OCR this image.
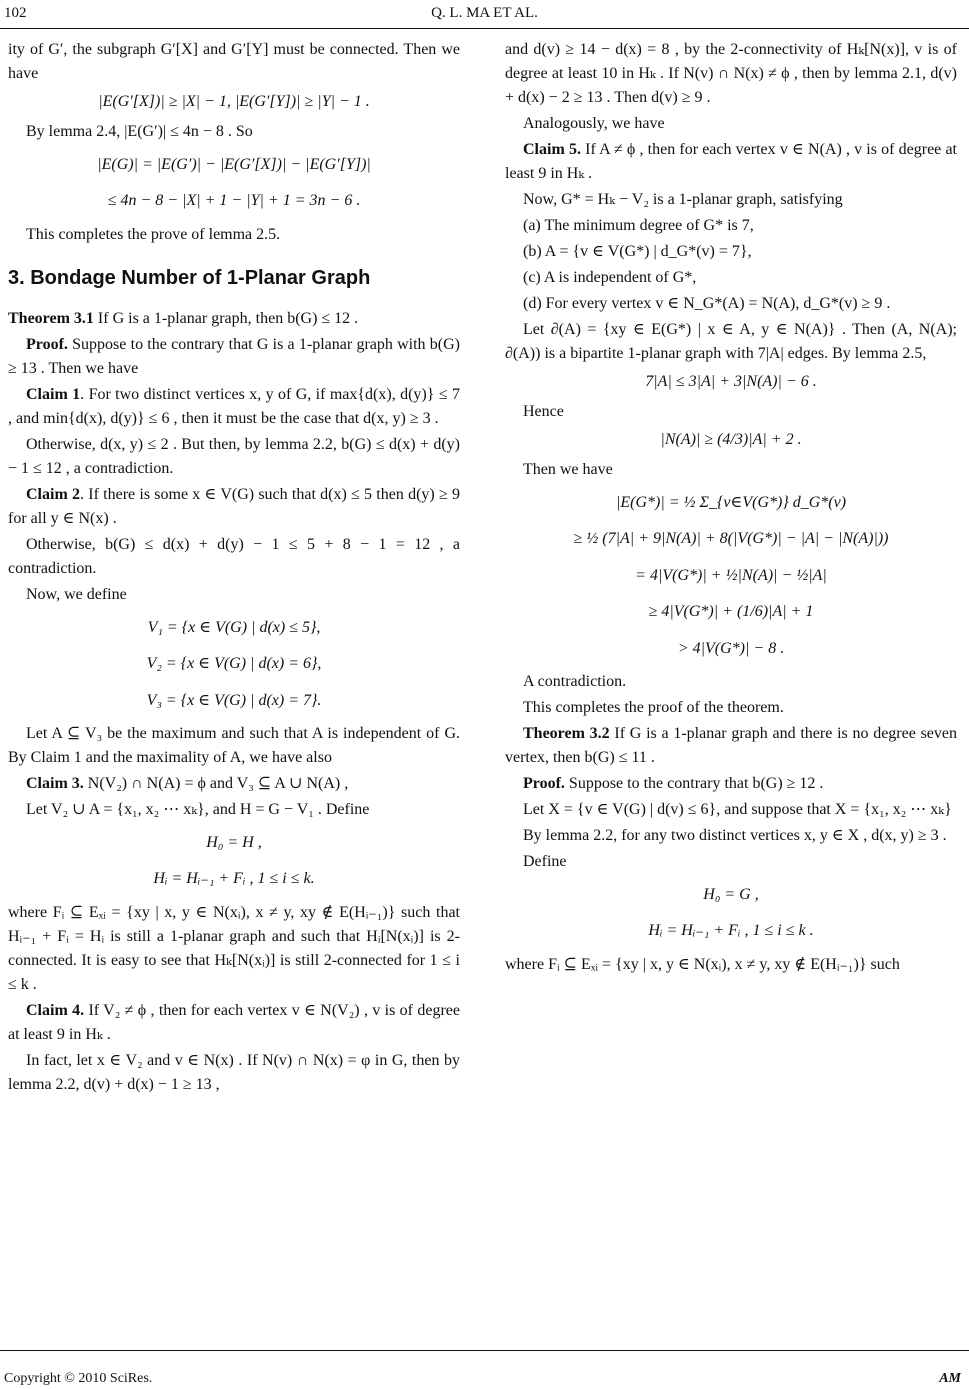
102	Q. L. MA ET AL.

ity of G′, the subgraph G′[X] and G′[Y] must be connected. Then we have

|E(G′[X])| ≥ |X| − 1, |E(G′[Y])| ≥ |Y| − 1 .

By lemma 2.4, |E(G′)| ≤ 4n − 8 . So

|E(G)| = |E(G′)| − |E(G′[X])| − |E(G′[Y])|
≤ 4n − 8 − |X| + 1 − |Y| + 1 = 3n − 6 .

This completes the prove of lemma 2.5.

3. Bondage Number of 1-Planar Graph

Theorem 3.1 If G is a 1-planar graph, then b(G) ≤ 12 .

Proof. Suppose to the contrary that G is a 1-planar graph with b(G) ≥ 13 . Then we have

Claim 1. For two distinct vertices x, y of G, if max{d(x), d(y)} ≤ 7 , and min{d(x), d(y)} ≤ 6 , then it must be the case that d(x, y) ≥ 3 .

Otherwise, d(x, y) ≤ 2 . But then, by lemma 2.2, b(G) ≤ d(x) + d(y) − 1 ≤ 12 , a contradiction.

Claim 2. If there is some x ∈ V(G) such that d(x) ≤ 5 then d(y) ≥ 9 for all y ∈ N(x) .

Otherwise, b(G) ≤ d(x) + d(y) − 1 ≤ 5 + 8 − 1 = 12 , a contradiction.

Now, we define

V₁ = {x ∈ V(G) | d(x) ≤ 5},
V₂ = {x ∈ V(G) | d(x) = 6},
V₃ = {x ∈ V(G) | d(x) = 7}.

Let A ⊆ V₃ be the maximum and such that A is independent of G. By Claim 1 and the maximality of A, we have also

Claim 3. N(V₂) ∩ N(A) = ϕ and V₃ ⊆ A ∪ N(A) ,

Let V₂ ∪ A = {x₁, x₂ ⋯ xₖ}, and H = G − V₁ . Define

H₀ = H ,
Hᵢ = Hᵢ₋₁ + Fᵢ , 1 ≤ i ≤ k.

where Fᵢ ⊆ Eₓᵢ = {xy | x, y ∈ N(xᵢ), x ≠ y, xy ∉ E(Hᵢ₋₁)} such that Hᵢ₋₁ + Fᵢ = Hᵢ is still a 1-planar graph and such that Hᵢ[N(xᵢ)] is 2-connected. It is easy to see that Hₖ[N(xᵢ)] is still 2-connected for 1 ≤ i ≤ k .

Claim 4. If V₂ ≠ ϕ , then for each vertex v ∈ N(V₂) , v is of degree at least 9 in Hₖ .

In fact, let x ∈ V₂ and v ∈ N(x) . If N(v) ∩ N(x) = φ in G, then by lemma 2.2, d(v) + d(x) − 1 ≥ 13 ,

and d(v) ≥ 14 − d(x) = 8 , by the 2-connectivity of Hₖ[N(x)], v is of degree at least 10 in Hₖ . If N(v) ∩ N(x) ≠ ϕ , then by lemma 2.1, d(v) + d(x) − 2 ≥ 13 . Then d(v) ≥ 9 .

Analogously, we have

Claim 5. If A ≠ ϕ , then for each vertex v ∈ N(A) , v is of degree at least 9 in Hₖ .

Now, G* = Hₖ − V₂ is a 1-planar graph, satisfying

(a) The minimum degree of G* is 7,

(b) A = {v ∈ V(G*) | d_G*(v) = 7},

(c) A is independent of G*,

(d) For every vertex v ∈ N_G*(A) = N(A), d_G*(v) ≥ 9 .

Let ∂(A) = {xy ∈ E(G*) | x ∈ A, y ∈ N(A)} . Then (A, N(A); ∂(A)) is a bipartite 1-planar graph with 7|A| edges. By lemma 2.5,

7|A| ≤ 3|A| + 3|N(A)| − 6 .

Hence

|N(A)| ≥ (4/3)|A| + 2 .

Then we have

|E(G*)| = ½ Σ_{v∈V(G*)} d_G*(v)
≥ ½ (7|A| + 9|N(A)| + 8(|V(G*)| − |A| − |N(A)|))
= 4|V(G*)| + ½|N(A)| − ½|A|
≥ 4|V(G*)| + (1/6)|A| + 1
> 4|V(G*)| − 8 .

A contradiction.

This completes the proof of the theorem.

Theorem 3.2 If G is a 1-planar graph and there is no degree seven vertex, then b(G) ≤ 11 .

Proof. Suppose to the contrary that b(G) ≥ 12 .

Let X = {v ∈ V(G) | d(v) ≤ 6}, and suppose that X = {x₁, x₂ ⋯ xₖ}

By lemma 2.2, for any two distinct vertices x, y ∈ X , d(x, y) ≥ 3 .

Define

H₀ = G ,
Hᵢ = Hᵢ₋₁ + Fᵢ , 1 ≤ i ≤ k .

where Fᵢ ⊆ Eₓᵢ = {xy | x, y ∈ N(xᵢ), x ≠ y, xy ∉ E(Hᵢ₋₁)} such

Copyright © 2010 SciRes.	AM
